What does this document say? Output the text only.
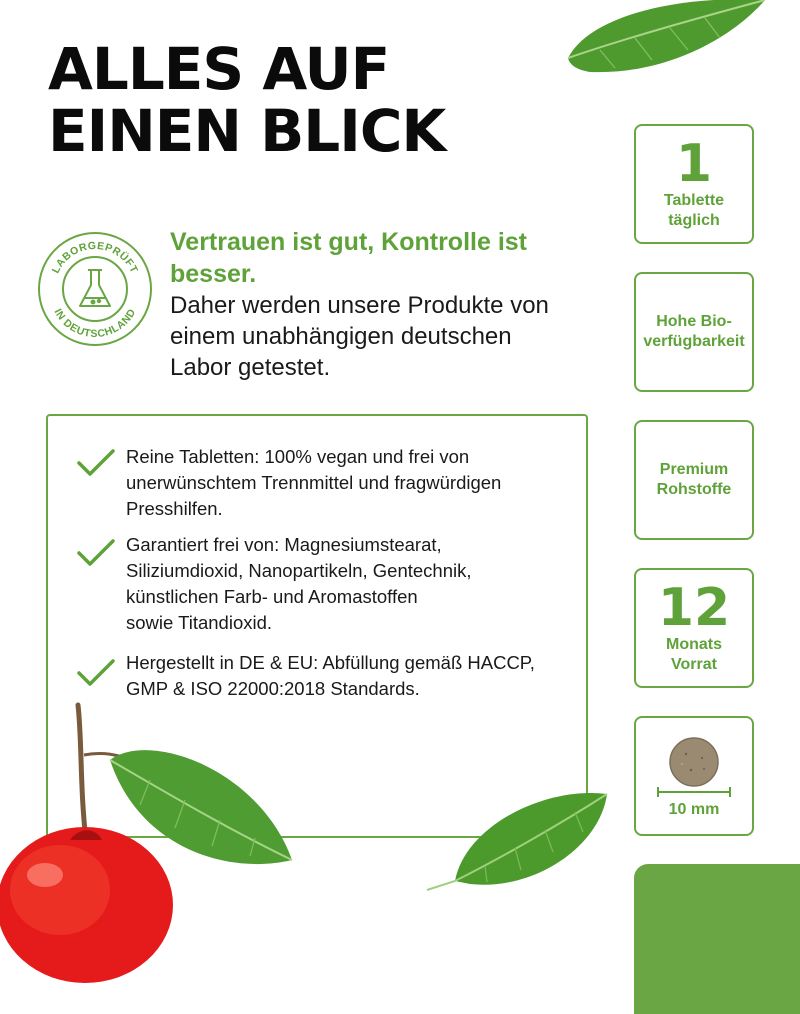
ALLES AUF
EINEN BLICK
LABORGEPRÜFT
IN DEUTSCHLAND

Vertrauen ist gut, Kontrolle ist besser.

Daher werden unsere Produkte von
einem unabhängigen deutschen
Labor getestet.

Reine Tabletten: 100% vegan und frei von
unerwünschtem Trennmittel und fragwürdigen
Presshilfen.

Garantiert frei von: Magnesiumstearat,
Siliziumdioxid, Nanopartikeln, Gentechnik,
künstlichen Farb- und Aromastoffen
sowie Titandioxid.

Hergestellt in DE & EU: Abfüllung gemäß HACCP,
GMP & ISO 22000:2018 Standards.

1
Tablette
täglich
Hohe Bio-
verfügbarkeit
Premium
Rohstoffe
12
Monats
Vorrat
10 mm
